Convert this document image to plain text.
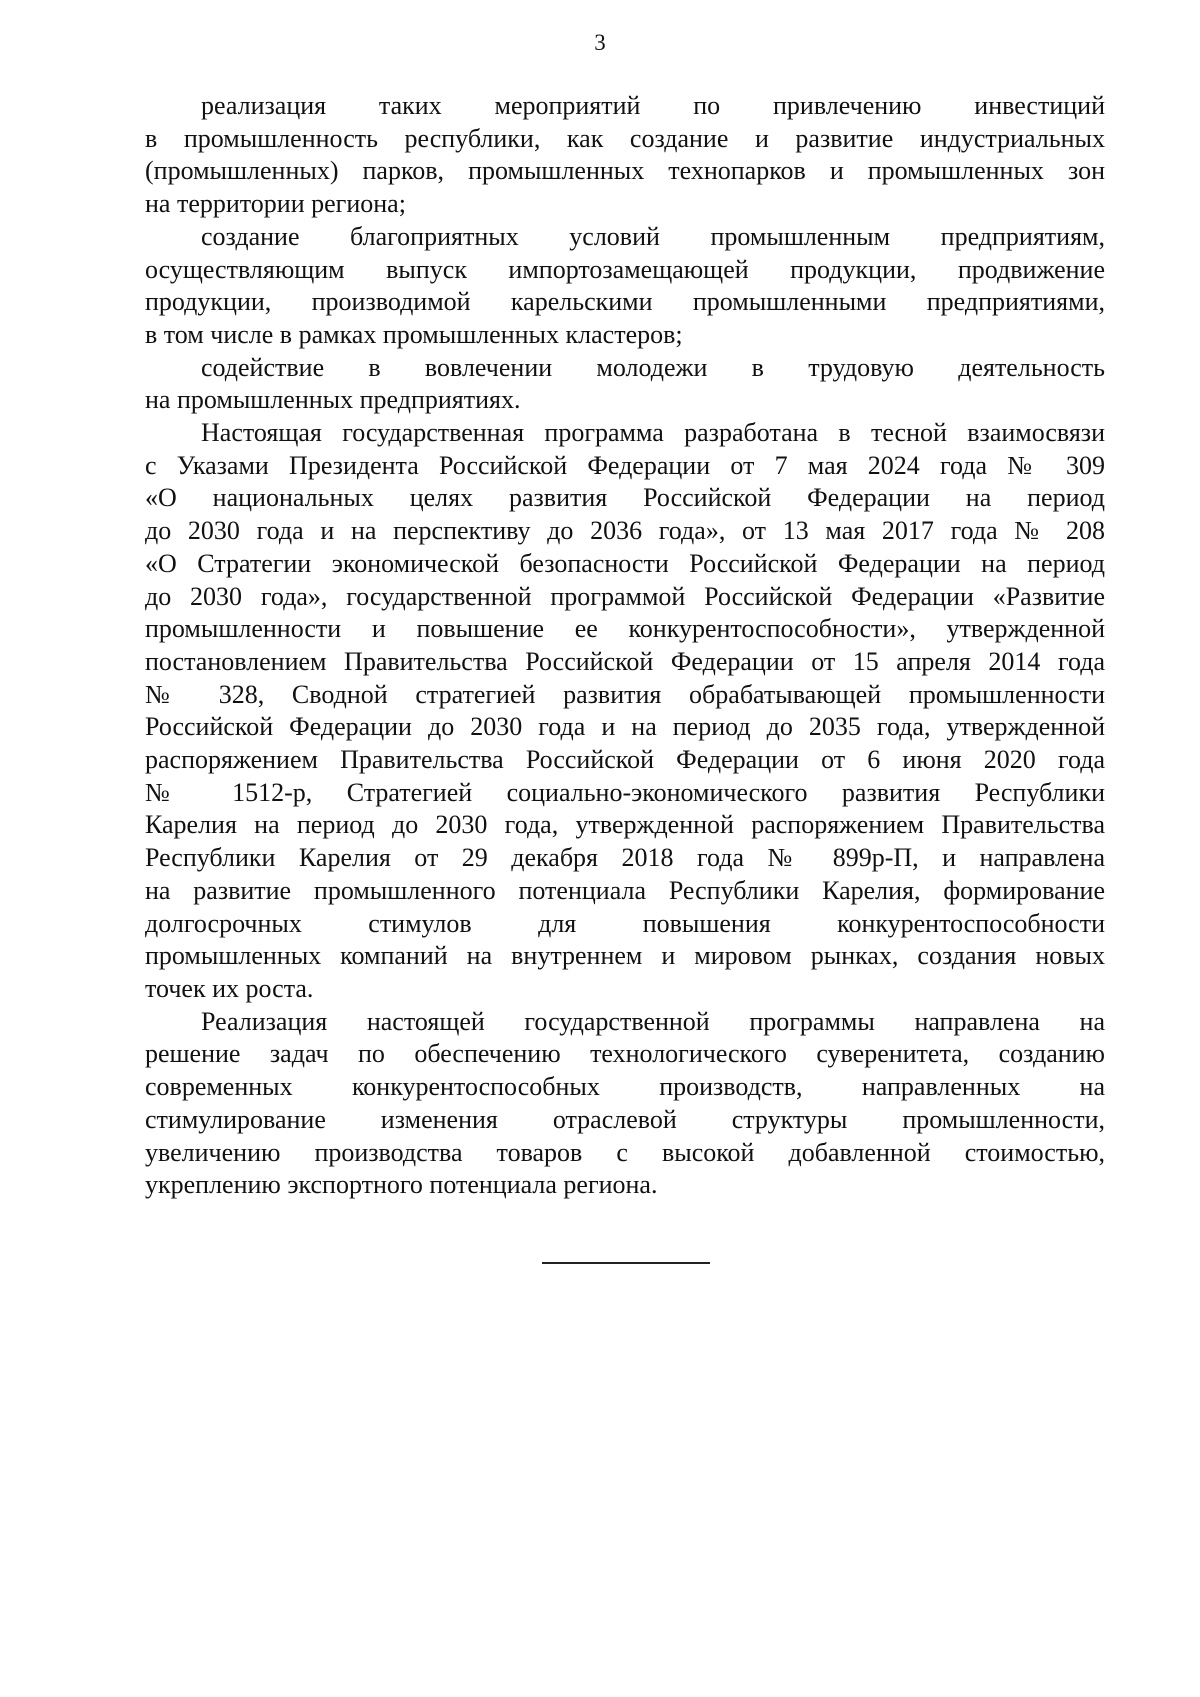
3
реализация таких мероприятий по привлечению инвестиций
в промышленность республики, как создание и развитие индустриальных
(промышленных) парков, промышленных технопарков и промышленных зон
на территории региона;
создание благоприятных условий промышленным предприятиям,
осуществляющим выпуск импортозамещающей продукции, продвижение
продукции, производимой карельскими промышленными предприятиями,
в том числе в рамках промышленных кластеров;
содействие в вовлечении молодежи в трудовую деятельность
на промышленных предприятиях.
Настоящая государственная программа разработана в тесной взаимосвязи
с Указами Президента Российской Федерации от 7 мая 2024 года № 309
«О национальных целях развития Российской Федерации на период
до 2030 года и на перспективу до 2036 года», от 13 мая 2017 года № 208
«О Стратегии экономической безопасности Российской Федерации на период
до 2030 года», государственной программой Российской Федерации «Развитие
промышленности и повышение ее конкурентоспособности», утвержденной
постановлением Правительства Российской Федерации от 15 апреля 2014 года
№ 328, Сводной стратегией развития обрабатывающей промышленности
Российской Федерации до 2030 года и на период до 2035 года, утвержденной
распоряжением Правительства Российской Федерации от 6 июня 2020 года
№ 1512-р, Стратегией социально-экономического развития Республики
Карелия на период до 2030 года, утвержденной распоряжением Правительства
Республики Карелия от 29 декабря 2018 года № 899р-П, и направлена
на развитие промышленного потенциала Республики Карелия, формирование
долгосрочных стимулов для повышения конкурентоспособности
промышленных компаний на внутреннем и мировом рынках, создания новых
точек их роста.
Реализация настоящей государственной программы направлена на
решение задач по обеспечению технологического суверенитета, созданию
современных конкурентоспособных производств, направленных на
стимулирование изменения отраслевой структуры промышленности,
увеличению производства товаров с высокой добавленной стоимостью,
укреплению экспортного потенциала региона.
